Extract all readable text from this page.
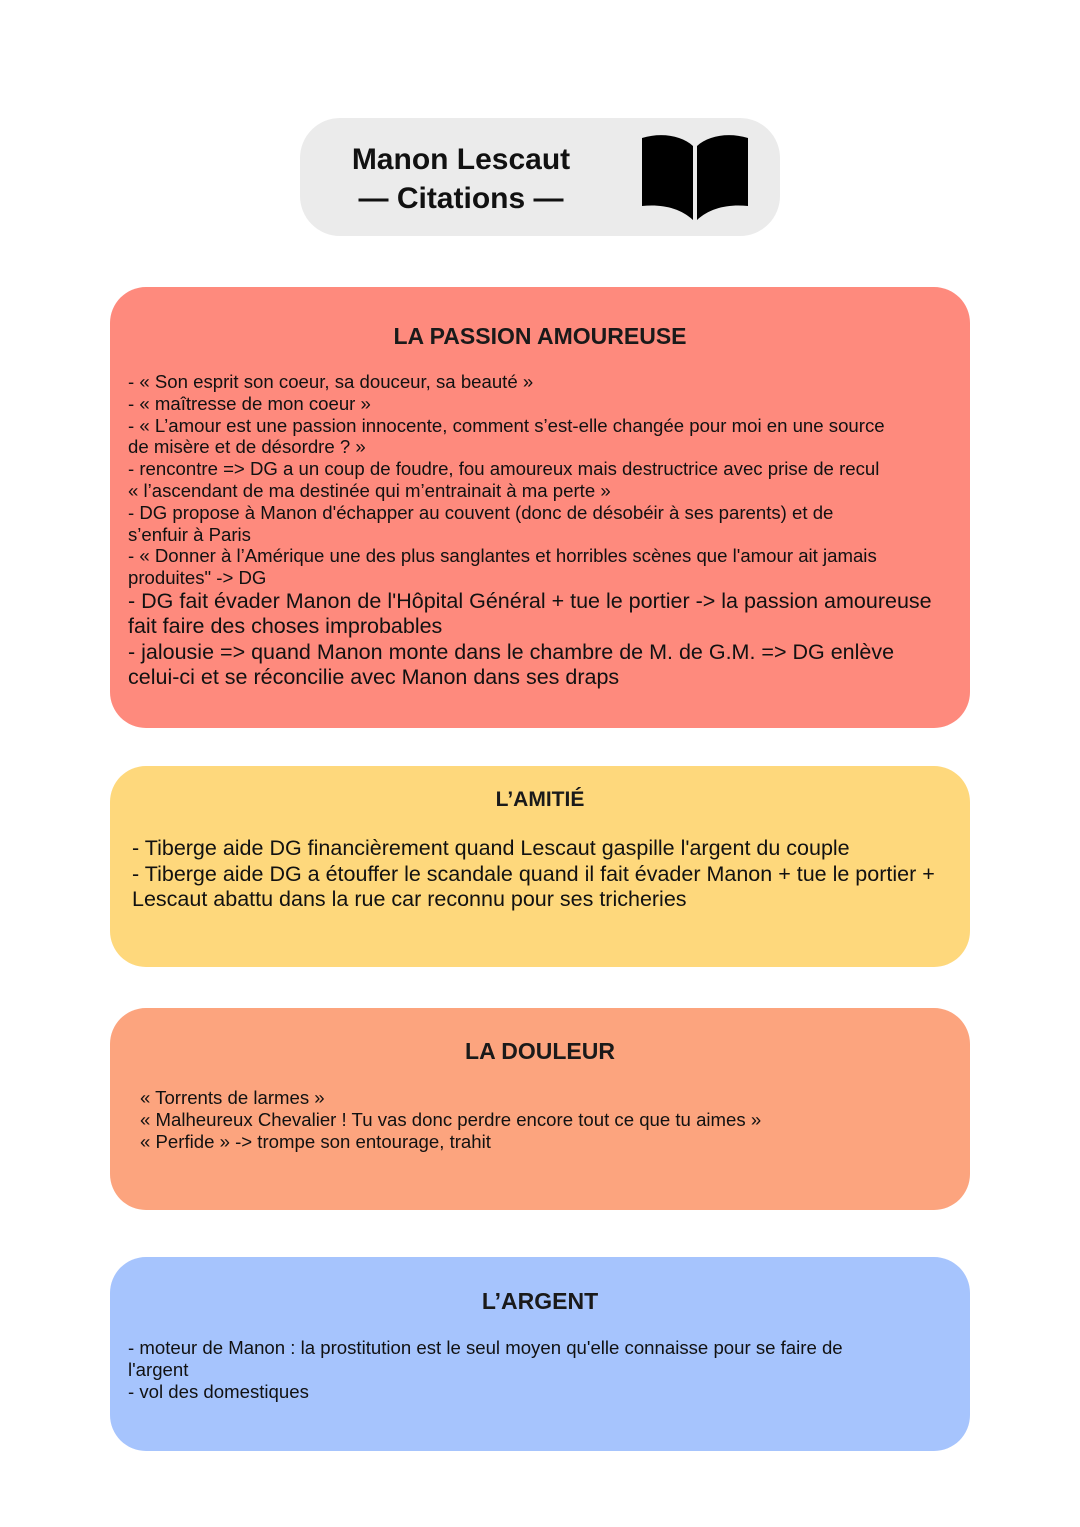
Manon Lescaut
— Citations —
LA PASSION AMOUREUSE
- « Son esprit son coeur, sa douceur, sa beauté »
- « maîtresse de mon coeur »
- « L’amour est une passion innocente, comment s’est-elle changée pour moi en une source
de misère et de désordre ? »
- rencontre => DG a un coup de foudre, fou amoureux mais destructrice avec prise de recul
« l’ascendant de ma destinée qui m’entrainait à ma perte »
- DG propose à Manon d'échapper au couvent (donc de désobéir à ses parents) et de
s’enfuir à Paris
- « Donner à l’Amérique une des plus sanglantes et horribles scènes que l'amour ait jamais
produites" -> DG
- DG fait évader Manon de l'Hôpital Général + tue le portier -> la passion amoureuse
fait faire des choses improbables
- jalousie => quand Manon monte dans le chambre de M. de G.M. => DG enlève
celui-ci et se réconcilie avec Manon dans ses draps
L’AMITIÉ
- Tiberge aide DG financièrement quand Lescaut gaspille l'argent du couple
- Tiberge aide DG a étouffer le scandale quand il fait évader Manon + tue le portier +
Lescaut abattu dans la rue car reconnu pour ses tricheries
LA DOULEUR
« Torrents de larmes »
« Malheureux Chevalier ! Tu vas donc perdre encore tout ce que tu aimes »
« Perfide » -> trompe son entourage, trahit
L’ARGENT
- moteur de Manon : la prostitution est le seul moyen qu'elle connaisse pour se faire de
l'argent
- vol des domestiques
